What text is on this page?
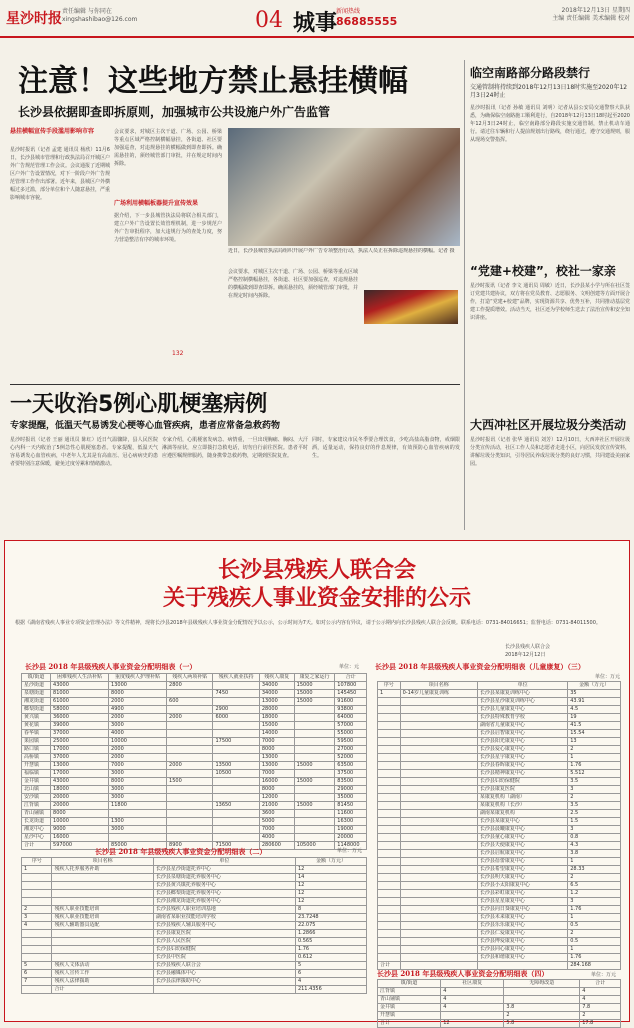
星沙时报 责任编辑 与你同在
xingshashibao@126.com	04 城事
新闻热线
86885555
2018年12月13日 星期四
主编 责任编辑 美术编辑 校对
注意！这些地方禁止悬挂横幅
长沙县依据即查即拆原则，加强城市公共设施户外广告监管
悬挂横幅宣传手段滥用影响市容
星沙时报讯（记者 孟建 通讯员 杨欣）11月6日，长沙县城市管理和行政执法局召开城区户外广告规范管理工作会议。会议通报了近期城区户外广告设置情况，对下一阶段户外广告规范管理工作作出部署。近年来，县城区户外横幅过多过滥，部分单位和个人随意悬挂，严重影响城市容貌。
会议要求，对城区主次干道、广场、公园、桥梁等重点区域严格控制横幅悬挂，各街道、社区要加强巡查，对违规悬挂的横幅做到即查即拆。确需悬挂的，须经城管部门审批，并在规定时间内拆除。
广场利用横幅板器提升宣传效果
据介绍，下一步县城管执法局将联合相关部门，建立户外广告设置长效管理机制，进一步规范户外广告审批程序，加大违规行为的查处力度，努力营造整洁有序的城市环境。
近日，长沙县城管执法局组织开展户外广告专项整治行动，执法人员正在拆除违规悬挂的横幅。记者 摄
会议要求，对城区主次干道、广场、公园、桥梁等重点区域严格控制横幅悬挂，各街道、社区要加强巡查，对违规悬挂的横幅做到即查即拆。确需悬挂的，须经城管部门审批，并在规定时间内拆除。
132
临空南路部分路段禁行
交通管制将持续到2018年12月13日18时实施至2020年12月3日24时止
星沙时报讯（记者 孙敏 通讯员 刘明）记者从县公安局交通警察大队获悉，为确保临空南路施工顺利进行，自2018年12月13日18时起至2020年12月3日24时止，临空南路部分路段实施交通管制，禁止机动车通行。请过往车辆和行人提前规划出行路线，绕行通过，遵守交通规则，服从现场交警指挥。
“党建+校建”，校社一家亲
星沙时报讯（记者 李文 通讯员 周敏）近日，长沙县某小学与所在社区签订党建共建协议，双方将在党员教育、志愿服务、文明创建等方面开展合作，打造“党建+校建”品牌，实现资源共享、优势互补，共同推动基层党建工作提质增效。活动当天，社区还为学校师生送去了法治宣传和安全知识讲座。
大西冲社区开展垃圾分类活动
星沙时报讯（记者 张华 通讯员 刘芳）12月10日，大西冲社区开展垃圾分类宣传活动，社区工作人员和志愿者走进小区，向居民发放宣传资料，讲解垃圾分类知识，引导居民养成垃圾分类的良好习惯，共同建设美丽家园。
一天收治5例心肌梗塞病例
专家提醒，低温天气易诱发心梗等心血管疾病，患者应常备急救药物
星沙时报讯（记者 王丽 通讯员 陈红）近日气温骤降，县人民医院心内科一天内收治了5例急性心肌梗塞患者。专家提醒，低温天气容易诱发心血管疾病，中老年人尤其是有高血压、冠心病病史的患者要特别注意保暖，避免过度劳累和情绪激动。
专家介绍，心肌梗塞发病急、病情重，一旦出现胸痛、胸闷、大汗淋漓等症状，应立即拨打急救电话，切勿自行前往医院。患者平时应遵医嘱规律服药，随身携带急救药物，定期到医院复查。
同时，专家建议市民冬季要合理饮食，少吃高盐高脂食物，戒烟限酒，适量运动，保持良好的作息规律，有效预防心血管疾病的发生。
长沙县残疾人联合会
关于残疾人事业资金安排的公示
根据《湖南省残疾人事业专项资金管理办法》等文件精神，现将长沙县2018年县级残疾人事业资金分配情况予以公示，公示时间为7天。如对公示内容有异议，请于公示期内向长沙县残疾人联合会反映。联系电话：0731-84016651；监督电话：0731-84011500。
长沙县残疾人联合会
2018年12月12日
长沙县 2018 年县级残疾人事业资金分配明细表（一）	单位：元
镇/街道	困难残疾人生活补贴	重度残疾人护理补贴	残疾人两项补贴	残疾人就业扶持	残疾人康复	康复之家运行	合计
星沙街道	43000	13000	2800		34000	15000	107800
泉塘街道	81000	8000		7450	34000	15000	145450
湘龙街道	61000	2000	600		13000	15000	91600
榔梨街道	58000	4900		2900	28000		93800
黄兴镇	36000	2000	2000	6000	18000		64000
黄花镇	39000	3000			15000		57000
春华镇	37000	4000			14000		55000
果园镇	25000	10000		17500	7000		59500
路口镇	17000	2000			8000		27000
高桥镇	37000	2000			13000		52000
开慧镇	13000	7000	2000	13500	13000	15000	63500
福临镇	17000	3000		10500	7000		37500
金井镇	43000	8000	1500		16000	15000	83500
北山镇	18000	3000			8000		29000
安沙镇	20000	3000			12000		35000
江背镇	20000	11800		13650	21000	15000	81450
青山铺镇	8000				3600		11600
长龙街道	10000	1300			5000		16300
湘龙中心	9000	3000			7000		19000
星沙中心	16000				4000		20000
合计	597000	85000	8900	71500	280600	105000	1148000
长沙县 2018 年县级残疾人事业资金分配明细表（二）	单位：万元
序号	项目名称	单位	金额（万元）
1	残疾人托养服务补助	长沙县星沙街道托养中心	12
		长沙县泉塘街道托养服务中心	14
		长沙县黄兴镇托养服务中心	12
		长沙县榔梨街道托养服务中心	12
		长沙县湘龙街道托养服务中心	12
2	残疾人职业技能培训	长沙县残疾人职业培训基地	8
3	残疾人职业技能培训	湖南省某职业技能培训学校	23.7248
4	残疾人辅助器具适配	长沙县残疾人辅具服务中心	22.075
		长沙县康复医院	1.2866
		长沙县人民医院	0.565
		长沙县妇幼保健院	1.76
		长沙县中医院	0.612
5	残疾人文体活动	长沙县残疾人联合会	5
6	残疾人宣传工作	长沙县融媒体中心	6
7	残疾人法律援助	长沙县法律援助中心	4
	合计		211.4356
长沙县 2018 年县级残疾人事业资金分配明细表（儿童康复）（三）
单位：万元
序号	项目名称	单位	金额（万元）
1	0-14岁儿童康复训练	长沙县某康复训练中心	35
		长沙县星沙康复训练中心	43.91
		长沙县儿童康复中心	4.5
		长沙县特殊教育学校	19
		湖南省儿童康复中心	41.5
		长沙县启智康复中心	15.54
		长沙县阳光康复中心	13
		长沙县爱心康复中心	2
		长沙县星宇康复中心	1
		长沙县春晖康复中心	1.76
		长沙县精神康复中心	5.512
		长沙县妇幼保健院	3.5
		长沙县康复医院	3
		某康复机构（湖南）	2
		某康复机构（长沙）	3.5
		湖南某康复机构	2.5
		长沙县某康复中心	1.5
		长沙县晨曦康复中心	3
		长沙县童心康复中心	0.8
		长沙县天使康复中心	4.3
		长沙县启航康复中心	3.8
		长沙县蓓蕾康复中心	1
		长沙县希望康复中心	28.33
		长沙县明天康复中心	2
		长沙县小太阳康复中心	6.5
		长沙县彩虹康复中心	1.2
		长沙县星星康复中心	3
		长沙县向日葵康复中心	1.76
		长沙县未来康复中心	1
		长沙县乐乐康复中心	0.5
		长沙县仁爱康复中心	2
		长沙县博爱康复中心	0.5
		长沙县同心康复中心	1
		长沙县和谐康复中心	1.76
合计			284.168
长沙县 2018 年县级残疾人事业资金分配明细表（四）	单位：万元
镇/街道	社区康复	无障碍改造	合计
江背镇	4		4
青山铺镇	4		4
金井镇	4	3.8	7.8
开慧镇		2	2
合计	12	5.8	17.8
